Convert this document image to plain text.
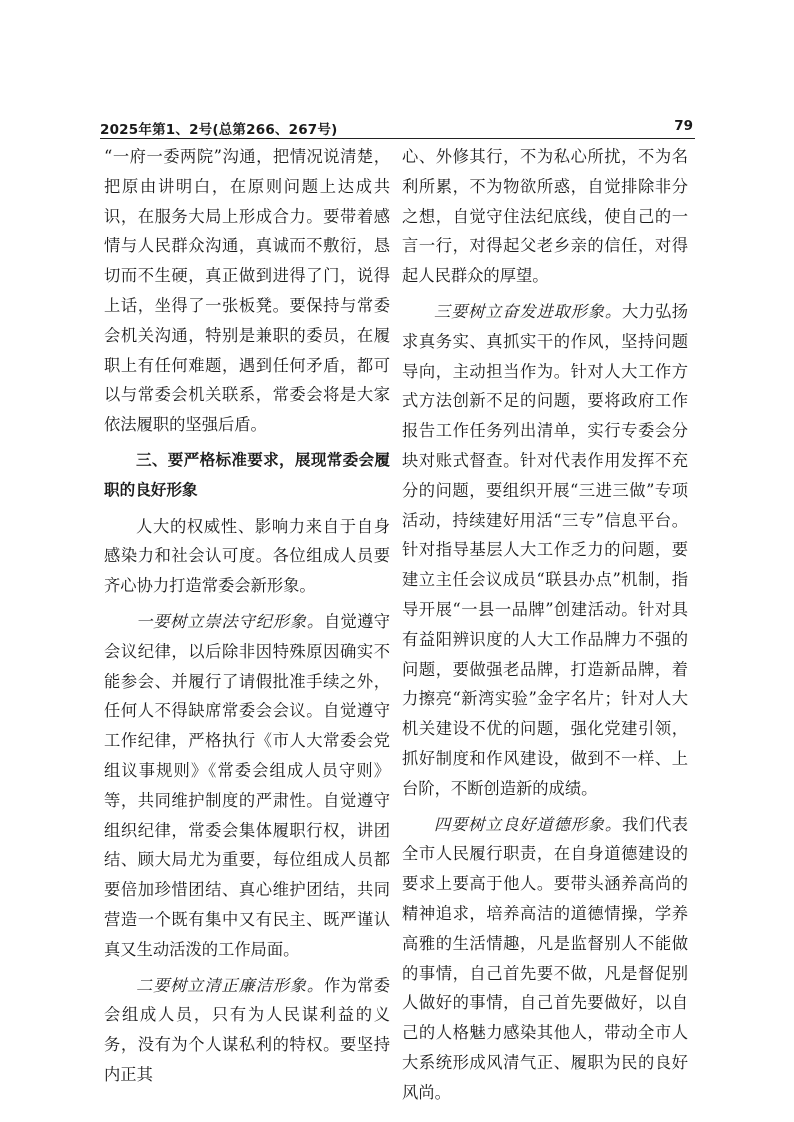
2025年第1、2号(总第266、267号)	79

“一府一委两院”沟通，把情况说清楚，把原由讲明白，在原则问题上达成共识，在服务大局上形成合力。要带着感情与人民群众沟通，真诚而不敷衍，恳切而不生硬，真正做到进得了门，说得上话，坐得了一张板凳。要保持与常委会机关沟通，特别是兼职的委员，在履职上有任何难题，遇到任何矛盾，都可以与常委会机关联系，常委会将是大家依法履职的坚强后盾。

三、要严格标准要求，展现常委会履职的良好形象

人大的权威性、影响力来自于自身感染力和社会认可度。各位组成人员要齐心协力打造常委会新形象。

一要树立崇法守纪形象。自觉遵守会议纪律，以后除非因特殊原因确实不能参会、并履行了请假批准手续之外，任何人不得缺席常委会会议。自觉遵守工作纪律，严格执行《市人大常委会党组议事规则》《常委会组成人员守则》等，共同维护制度的严肃性。自觉遵守组织纪律，常委会集体履职行权，讲团结、顾大局尤为重要，每位组成人员都要倍加珍惜团结、真心维护团结，共同营造一个既有集中又有民主、既严谨认真又生动活泼的工作局面。

二要树立清正廉洁形象。作为常委会组成人员，只有为人民谋利益的义务，没有为个人谋私利的特权。要坚持内正其

心、外修其行，不为私心所扰，不为名利所累，不为物欲所惑，自觉排除非分之想，自觉守住法纪底线，使自己的一言一行，对得起父老乡亲的信任，对得起人民群众的厚望。

三要树立奋发进取形象。大力弘扬求真务实、真抓实干的作风，坚持问题导向，主动担当作为。针对人大工作方式方法创新不足的问题，要将政府工作报告工作任务列出清单，实行专委会分块对账式督查。针对代表作用发挥不充分的问题，要组织开展“三进三做”专项活动，持续建好用活“三专”信息平台。针对指导基层人大工作乏力的问题，要建立主任会议成员“联县办点”机制，指导开展“一县一品牌”创建活动。针对具有益阳辨识度的人大工作品牌力不强的问题，要做强老品牌，打造新品牌，着力擦亮“新湾实验”金字名片；针对人大机关建设不优的问题，强化党建引领，抓好制度和作风建设，做到不一样、上台阶，不断创造新的成绩。

四要树立良好道德形象。我们代表全市人民履行职责，在自身道德建设的要求上要高于他人。要带头涵养高尚的精神追求，培养高洁的道德情操，学养高雅的生活情趣，凡是监督别人不能做的事情，自己首先要不做，凡是督促别人做好的事情，自己首先要做好，以自己的人格魅力感染其他人，带动全市人大系统形成风清气正、履职为民的良好风尚。
